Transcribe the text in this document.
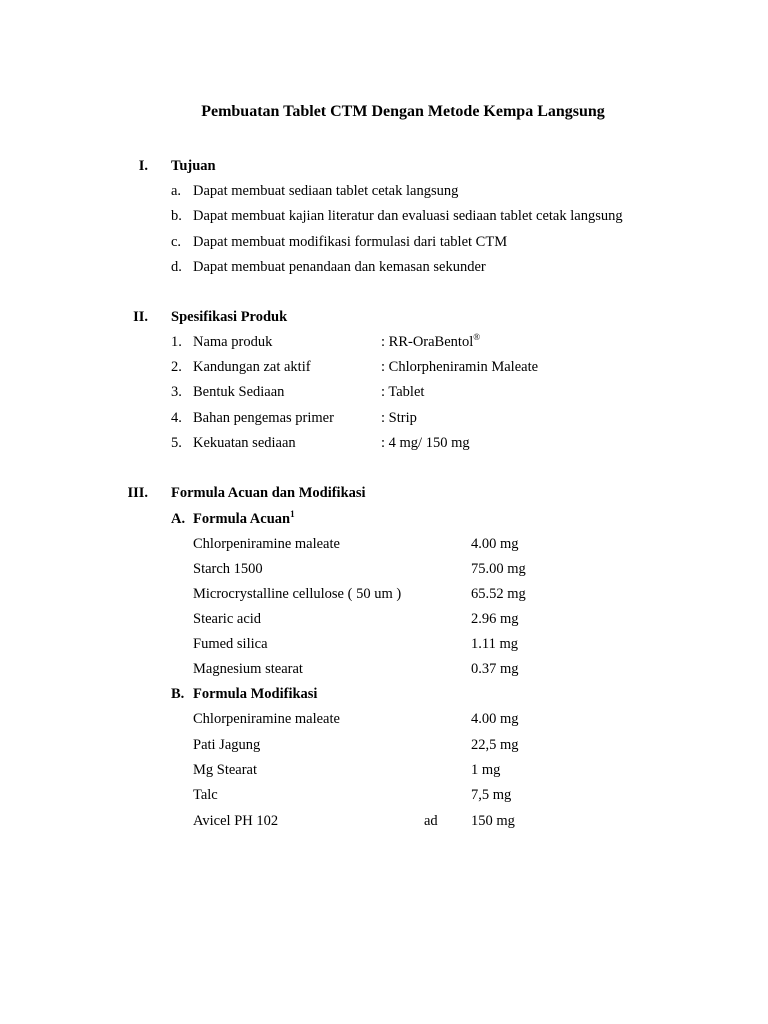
Pembuatan Tablet CTM Dengan Metode Kempa Langsung
I. Tujuan
a. Dapat membuat sediaan tablet cetak langsung
b. Dapat membuat kajian literatur dan evaluasi sediaan tablet cetak langsung
c. Dapat membuat modifikasi formulasi dari tablet CTM
d. Dapat membuat penandaan dan kemasan sekunder
II. Spesifikasi Produk
1. Nama produk	: RR-OraBentol®
2. Kandungan zat aktif	: Chlorpheniramin Maleate
3. Bentuk Sediaan	: Tablet
4. Bahan pengemas primer	: Strip
5. Kekuatan sediaan	: 4 mg/ 150 mg
III. Formula Acuan dan Modifikasi
A. Formula Acuan$^1$
Chlorpeniramine maleate	4.00 mg
Starch 1500	75.00 mg
Microcrystalline cellulose ( 50 um )	65.52 mg
Stearic acid	2.96 mg
Fumed silica	1.11 mg
Magnesium stearat	0.37 mg
B. Formula Modifikasi
Chlorpeniramine maleate	4.00 mg
Pati Jagung	22,5 mg
Mg Stearat	1 mg
Talc	7,5 mg
Avicel PH 102	ad 150 mg
